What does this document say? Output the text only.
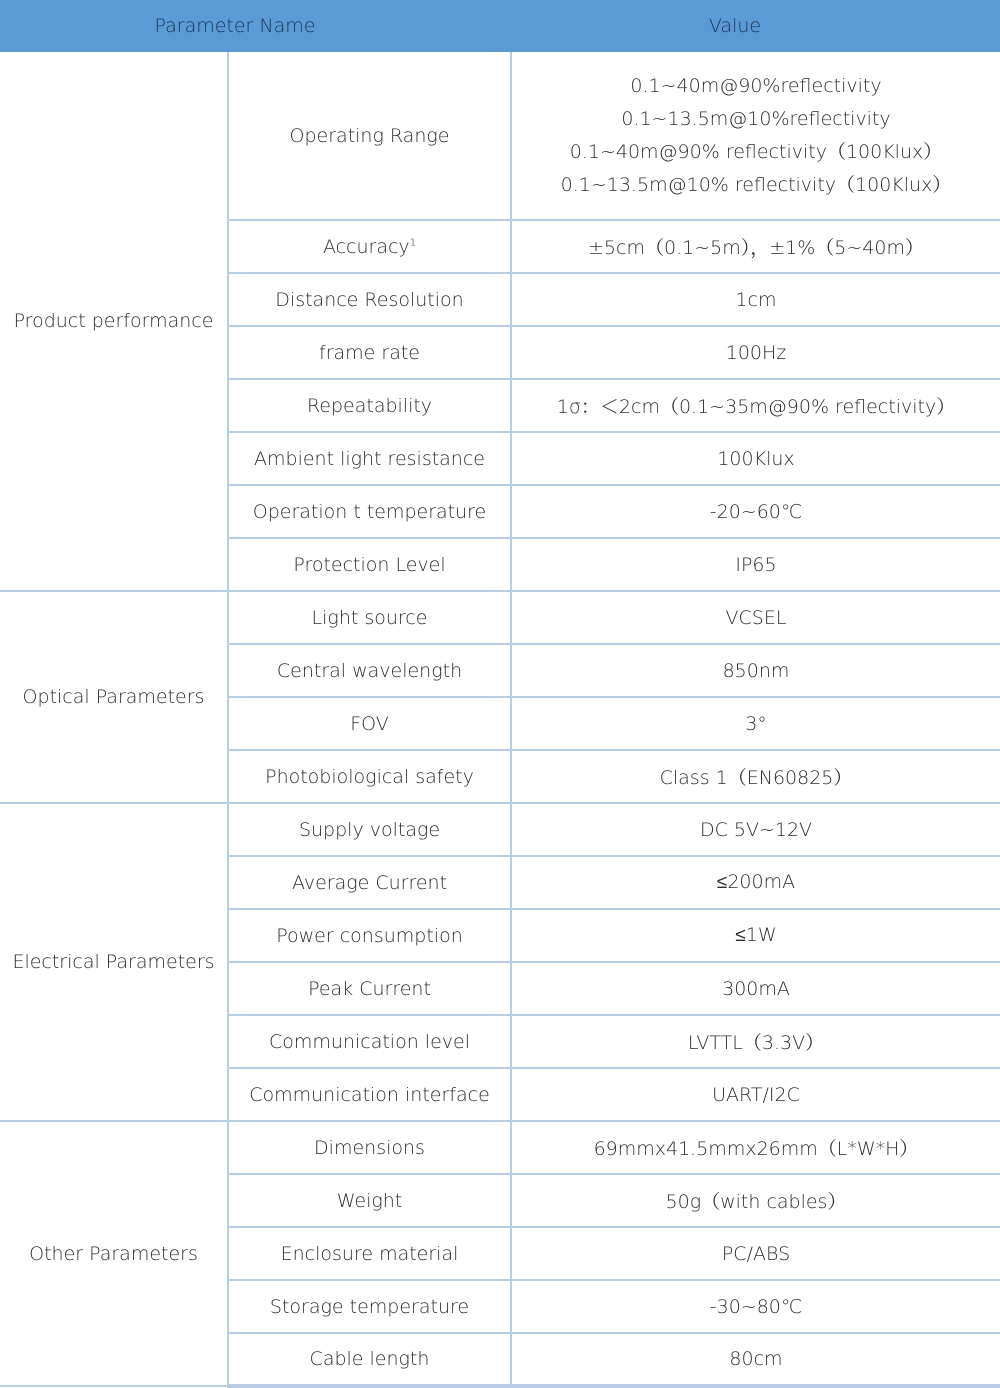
Parameter Name	Value
Product performance	Operating Range	0.1~40m@90%reflectivity
0.1~13.5m@10%reflectivity
0.1~40m@90% reflectivity（100Klux）
0.1~13.5m@10% reflectivity（100Klux）

	Accuracy$^1$	±5cm（0.1~5m），±1%（5~40m）

	Distance Resolution	1cm

	frame rate	100Hz

	Repeatability	1σ：＜2cm（0.1~35m@90% reflectivity）

	Ambient light resistance	100Klux

	Operation t temperature	-20~60℃

	Protection Level	IP65

Optical Parameters	Light source	VCSEL

	Central wavelength	850nm

	FOV	3°

	Photobiological safety	Class 1（EN60825）

Electrical Parameters	Supply voltage	DC 5V~12V

	Average Current	≤200mA

	Power consumption	≤1W

	Peak Current	300mA

	Communication level	LVTTL（3.3V）

	Communication interface	UART/I2C

Other Parameters	Dimensions	69mmx41.5mmx26mm（L*W*H）

	Weight	50g（with cables）

	Enclosure material	PC/ABS

	Storage temperature	-30~80℃

	Cable length	80cm
